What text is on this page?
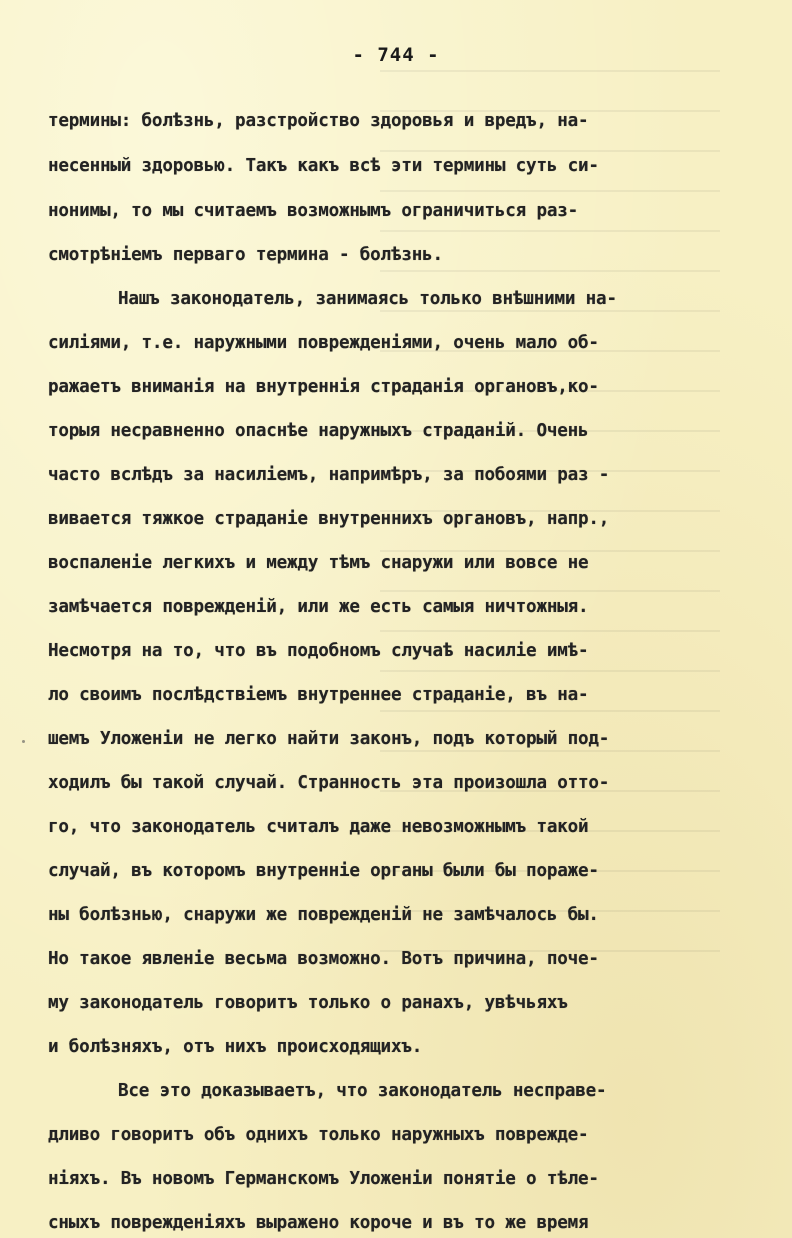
- 744 -
термины: болѣзнь, разстройство здоровья и вредъ, на-
несенный здоровью. Такъ какъ всѣ эти термины суть си-
нонимы, то мы считаемъ возможнымъ ограничиться раз-
смотрѣніемъ перваго термина - болѣзнь.
Нашъ законодатель, занимаясь только внѣшними на-
силіями, т.е. наружными поврежденіями, очень мало об-
ражаетъ вниманія на внутреннія страданія органовъ,ко-
торыя несравненно опаснѣе наружныхъ страданій. Очень
часто вслѣдъ за насиліемъ, напримѣръ, за побоями раз -
вивается тяжкое страданіе внутреннихъ органовъ, напр.,
воспаленіе легкихъ и между тѣмъ снаружи или вовсе не
замѣчается поврежденій, или же есть самыя ничтожныя.
Несмотря на то, что въ подобномъ случаѣ насиліе имѣ-
ло своимъ послѣдствіемъ внутреннее страданіе, въ на-
шемъ Уложеніи не легко найти законъ, подъ который под-
ходилъ бы такой случай. Странность эта произошла отто-
го, что законодатель считалъ даже невозможнымъ такой
случай, въ которомъ внутренніе органы были бы пораже-
ны болѣзнью, снаружи же поврежденій не замѣчалось бы.
Но такое явленіе весьма возможно. Вотъ причина, поче-
му законодатель говоритъ только о ранахъ, увѣчьяхъ
и болѣзняхъ, отъ нихъ происходящихъ.
Все это доказываетъ, что законодатель несправе-
дливо говоритъ объ однихъ только наружныхъ поврежде-
ніяхъ. Въ новомъ Германскомъ Уложеніи понятіе о тѣле-
сныхъ поврежденіяхъ выражено короче и въ то же время
